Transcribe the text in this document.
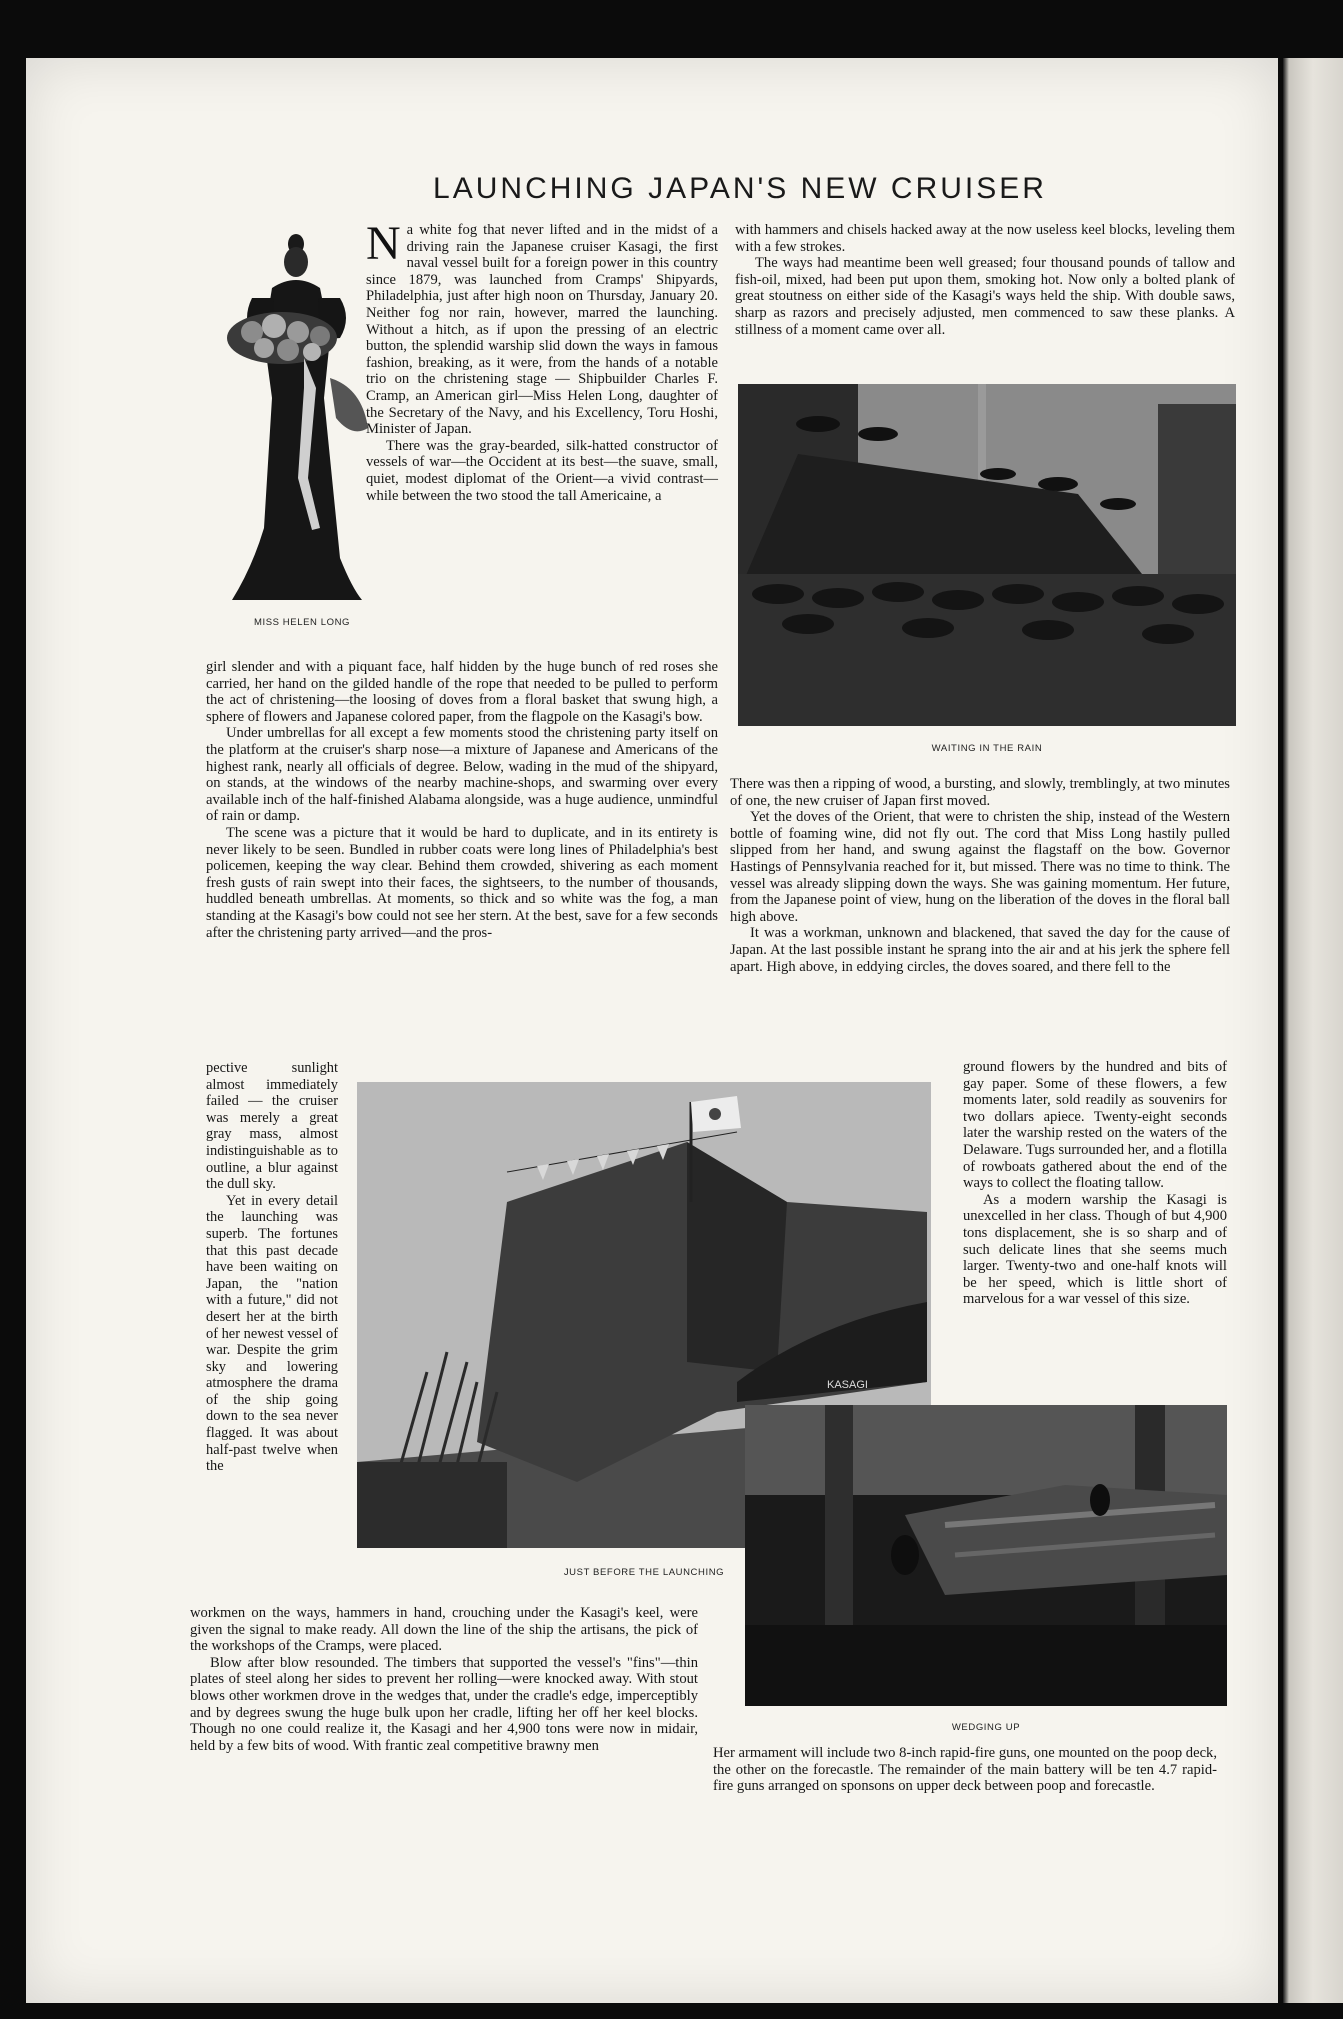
LAUNCHING JAPAN'S NEW CRUISER
MISS HELEN LONG

Na white fog that never lifted and in the midst of a driving rain the Japanese cruiser Kasagi, the first naval vessel built for a foreign power in this country since 1879, was launched from Cramps' Shipyards, Philadelphia, just after high noon on Thursday, January 20. Neither fog nor rain, however, marred the launching. Without a hitch, as if upon the pressing of an electric button, the splendid warship slid down the ways in famous fashion, breaking, as it were, from the hands of a notable trio on the christening stage — Shipbuilder Charles F. Cramp, an American girl—Miss Helen Long, daughter of the Secretary of the Navy, and his Excellency, Toru Hoshi, Minister of Japan.

There was the gray-bearded, silk-hatted constructor of vessels of war—the Occident at its best—the suave, small, quiet, modest diplomat of the Orient—a vivid contrast—while between the two stood the tall Americaine, a

girl slender and with a piquant face, half hidden by the huge bunch of red roses she carried, her hand on the gilded handle of the rope that needed to be pulled to perform the act of christening—the loosing of doves from a floral basket that swung high, a sphere of flowers and Japanese colored paper, from the flagpole on the Kasagi's bow.

Under umbrellas for all except a few moments stood the christening party itself on the platform at the cruiser's sharp nose—a mixture of Japanese and Americans of the highest rank, nearly all officials of degree. Below, wading in the mud of the shipyard, on stands, at the windows of the nearby machine-shops, and swarming over every available inch of the half-finished Alabama alongside, was a huge audience, unmindful of rain or damp.

The scene was a picture that it would be hard to duplicate, and in its entirety is never likely to be seen. Bundled in rubber coats were long lines of Philadelphia's best policemen, keeping the way clear. Behind them crowded, shivering as each moment fresh gusts of rain swept into their faces, the sightseers, to the number of thousands, huddled beneath umbrellas. At moments, so thick and so white was the fog, a man standing at the Kasagi's bow could not see her stern. At the best, save for a few seconds after the christening party arrived—and the pros-

pective sunlight almost immediately failed — the cruiser was merely a great gray mass, almost indistinguishable as to outline, a blur against the dull sky.

Yet in every detail the launching was superb. The fortunes that this past decade have been waiting on Japan, the "nation with a future," did not desert her at the birth of her newest vessel of war. Despite the grim sky and lowering atmosphere the drama of the ship going down to the sea never flagged. It was about half-past twelve when the

workmen on the ways, hammers in hand, crouching under the Kasagi's keel, were given the signal to make ready. All down the line of the ship the artisans, the pick of the workshops of the Cramps, were placed.

Blow after blow resounded. The timbers that supported the vessel's "fins"—thin plates of steel along her sides to prevent her rolling—were knocked away. With stout blows other workmen drove in the wedges that, under the cradle's edge, imperceptibly and by degrees swung the huge bulk upon her cradle, lifting her off her keel blocks. Though no one could realize it, the Kasagi and her 4,900 tons were now in midair, held by a few bits of wood. With frantic zeal competitive brawny men

with hammers and chisels hacked away at the now useless keel blocks, leveling them with a few strokes.

The ways had meantime been well greased; four thousand pounds of tallow and fish-oil, mixed, had been put upon them, smoking hot. Now only a bolted plank of great stoutness on either side of the Kasagi's ways held the ship. With double saws, sharp as razors and precisely adjusted, men commenced to saw these planks. A stillness of a moment came over all.

WAITING IN THE RAIN

There was then a ripping of wood, a bursting, and slowly, tremblingly, at two minutes of one, the new cruiser of Japan first moved.

Yet the doves of the Orient, that were to christen the ship, instead of the Western bottle of foaming wine, did not fly out. The cord that Miss Long hastily pulled slipped from her hand, and swung against the flagstaff on the bow. Governor Hastings of Pennsylvania reached for it, but missed. There was no time to think. The vessel was already slipping down the ways. She was gaining momentum. Her future, from the Japanese point of view, hung on the liberation of the doves in the floral ball high above.

It was a workman, unknown and blackened, that saved the day for the cause of Japan. At the last possible instant he sprang into the air and at his jerk the sphere fell apart. High above, in eddying circles, the doves soared, and there fell to the

ground flowers by the hundred and bits of gay paper. Some of these flowers, a few moments later, sold readily as souvenirs for two dollars apiece. Twenty-eight seconds later the warship rested on the waters of the Delaware. Tugs surrounded her, and a flotilla of rowboats gathered about the end of the ways to collect the floating tallow.

As a modern warship the Kasagi is unexcelled in her class. Though of but 4,900 tons displacement, she is so sharp and of such delicate lines that she seems much larger. Twenty-two and one-half knots will be her speed, which is little short of marvelous for a war vessel of this size.

KASAGI
JUST BEFORE THE LAUNCHING
WEDGING UP

Her armament will include two 8-inch rapid-fire guns, one mounted on the poop deck, the other on the forecastle. The remainder of the main battery will be ten 4.7 rapid-fire guns arranged on sponsons on upper deck between poop and forecastle.
